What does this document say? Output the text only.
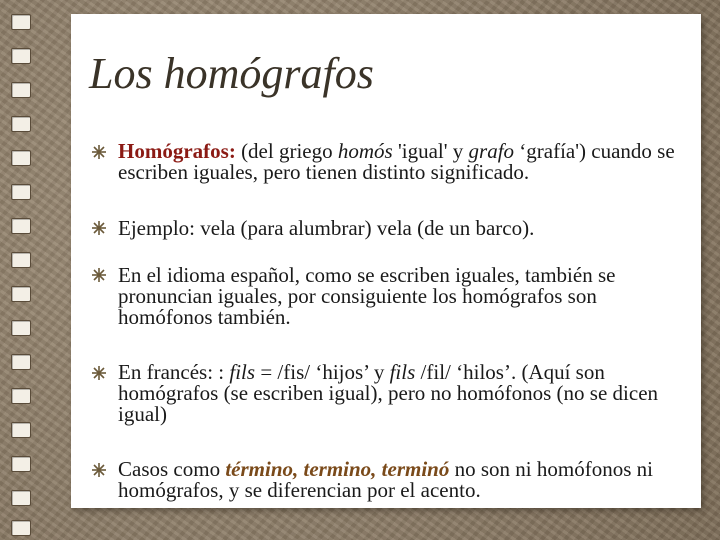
Los homógrafos
Homógrafos: (del griego homós 'igual' y grafo ‘grafía') cuando se escriben iguales, pero tienen distinto significado.
Ejemplo: vela (para alumbrar) vela (de un barco).
En el idioma español, como se escriben iguales, también se pronuncian iguales, por consiguiente los homógrafos son homófonos también.
En francés: : fils = /fis/ ‘hijos’ y fils /fil/ ‘hilos’. (Aquí son homógrafos (se escriben igual), pero no homófonos (no se dicen igual)
Casos como término, termino, terminó no son ni homófonos ni homógrafos, y se diferencian por el acento.
